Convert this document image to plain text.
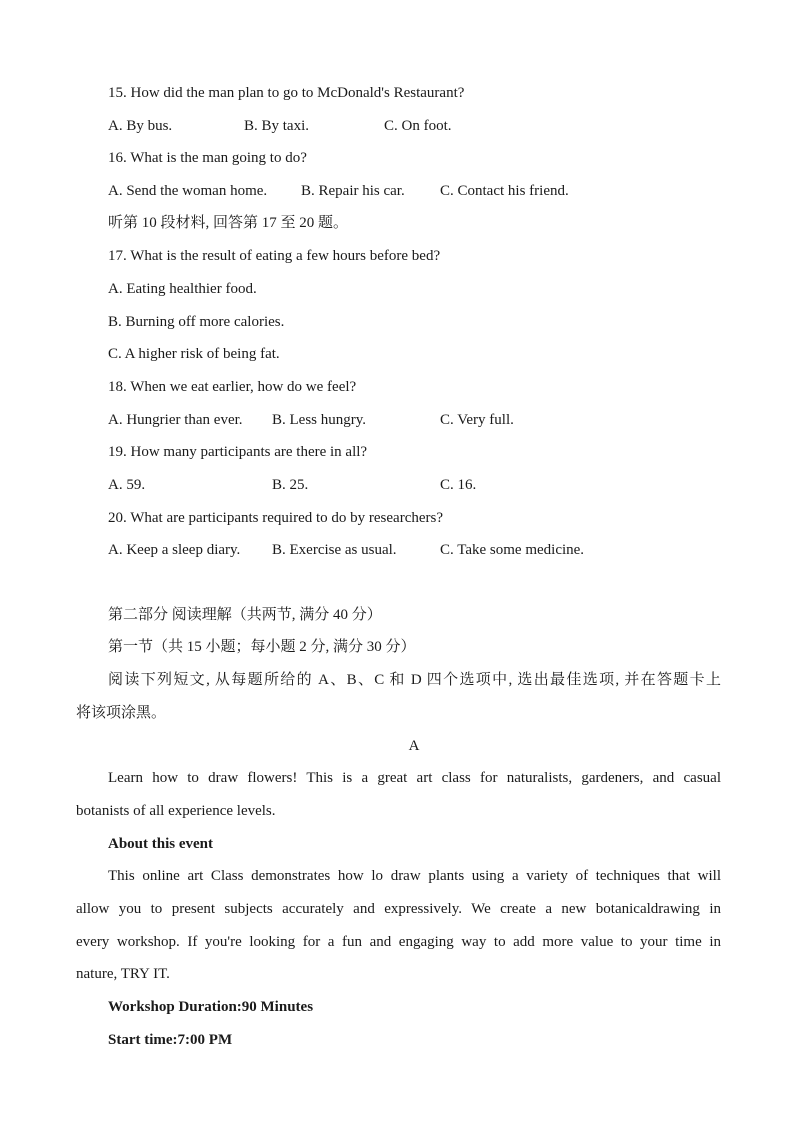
15. How did the man plan to go to McDonald's Restaurant?
A. By bus.	B. By taxi.	C. On foot.
16. What is the man going to do?
A. Send the woman home. B. Repair his car. C. Contact his friend.
听第 10 段材料, 回答第 17 至 20 题。
17. What is the result of eating a few hours before bed?
A. Eating healthier food.
B. Burning off more calories.
C. A higher risk of being fat.
18. When we eat earlier, how do we feel?
A. Hungrier than ever. B. Less hungry.	C. Very full.
19. How many participants are there in all?
A. 59.	B. 25.	C. 16.
20. What are participants required to do by researchers?
A. Keep a sleep diary. B. Exercise as usual.	C. Take some medicine.
第二部分 阅读理解（共两节, 满分 40 分）
第一节（共 15 小题；每小题 2 分, 满分 30 分）
阅读下列短文, 从每题所给的 A、B、C 和 D 四个选项中, 选出最佳选项, 并在答题卡上
将该项涂黑。
A
Learn how to draw flowers! This is a great art class for naturalists, gardeners, and casual
botanists of all experience levels.
About this event
This online art Class demonstrates how lo draw plants using a variety of techniques that will
allow you to present subjects accurately and expressively. We create a new botanicaldrawing in
every workshop. If you're looking for a fun and engaging way to add more value to your time in
nature, TRY IT.
Workshop Duration:90 Minutes
Start time:7:00 PM
